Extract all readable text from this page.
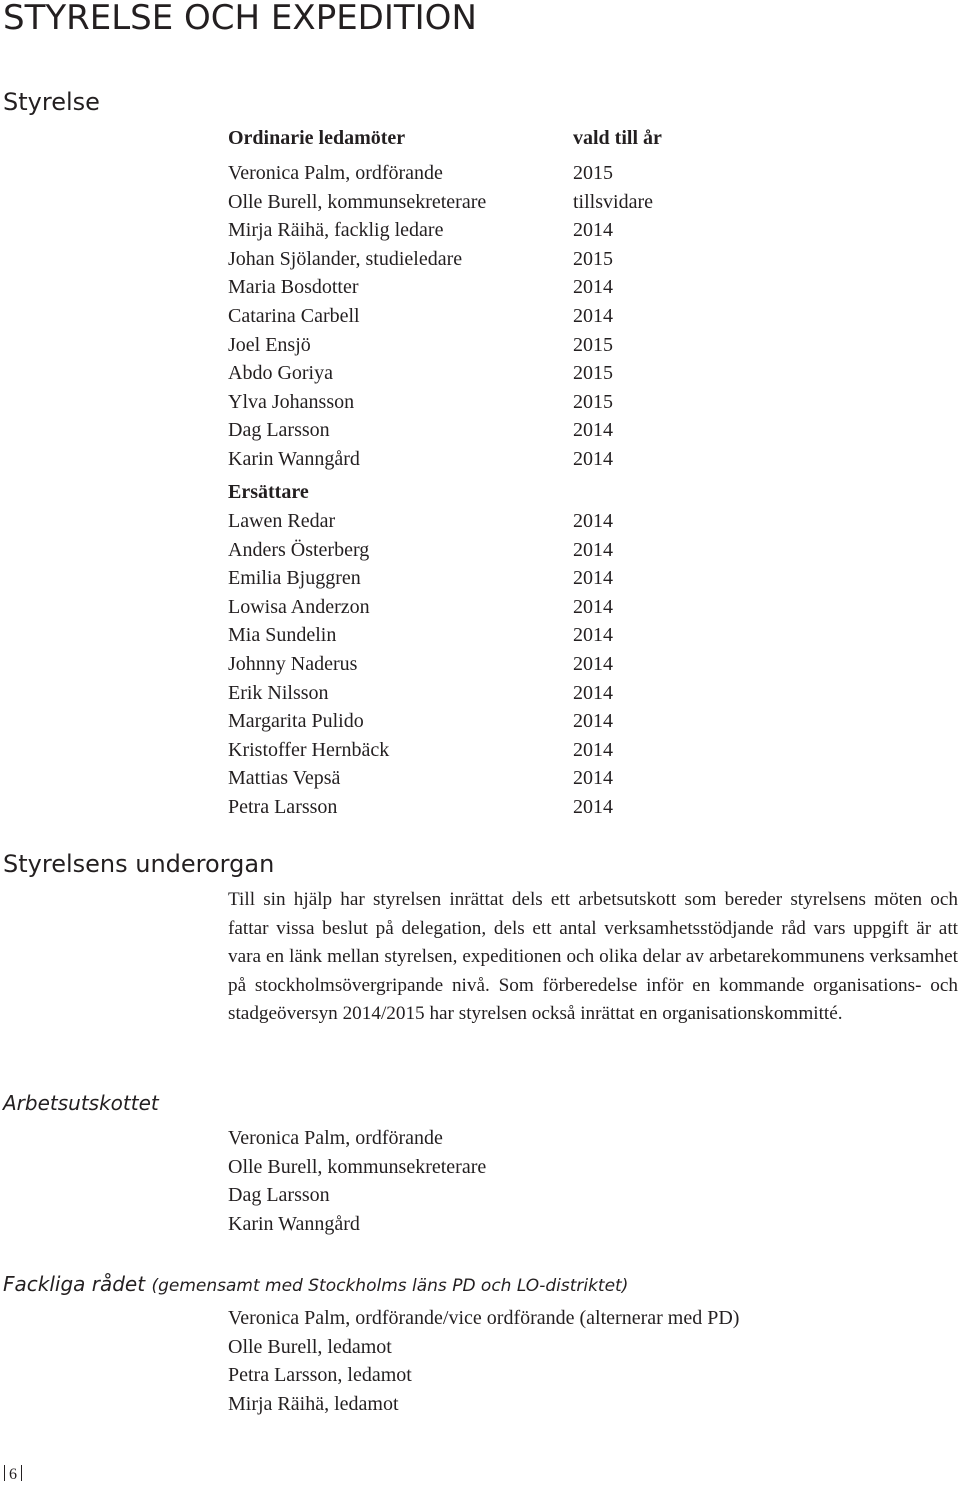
STYRELSE OCH EXPEDITION
Styrelse
Ordinarie ledamöter	vald till år
Veronica Palm, ordförande	2015
Olle Burell, kommunsekreterare	tillsvidare
Mirja Räihä, facklig ledare	2014
Johan Sjölander, studieledare	2015
Maria Bosdotter	2014
Catarina Carbell	2014
Joel Ensjö	2015
Abdo Goriya	2015
Ylva Johansson	2015
Dag Larsson	2014
Karin Wanngård	2014
Ersättare
Lawen Redar	2014
Anders Österberg	2014
Emilia Bjuggren	2014
Lowisa Anderzon	2014
Mia Sundelin	2014
Johnny Naderus	2014
Erik Nilsson	2014
Margarita Pulido	2014
Kristoffer Hernbäck	2014
Mattias Vepsä	2014
Petra Larsson	2014
Styrelsens underorgan
Till sin hjälp har styrelsen inrättat dels ett arbetsutskott som bereder styrelsens möten och fattar vissa beslut på delegation, dels ett antal verksamhetsstödjande råd vars uppgift är att vara en länk mellan styrelsen, expeditionen och olika delar av arbetarekommunens verksamhet på stockholmsövergripande nivå. Som förberedelse inför en kommande organisations- och stadgeöversyn 2014/2015 har styrelsen också inrättat en organisationskommitté.
Arbetsutskottet
Veronica Palm, ordförande
Olle Burell, kommunsekreterare
Dag Larsson
Karin Wanngård
Fackliga rådet (gemensamt med Stockholms läns PD och LO-distriktet)
Veronica Palm, ordförande/vice ordförande (alternerar med PD)
Olle Burell, ledamot
Petra Larsson, ledamot
Mirja Räihä, ledamot
6
